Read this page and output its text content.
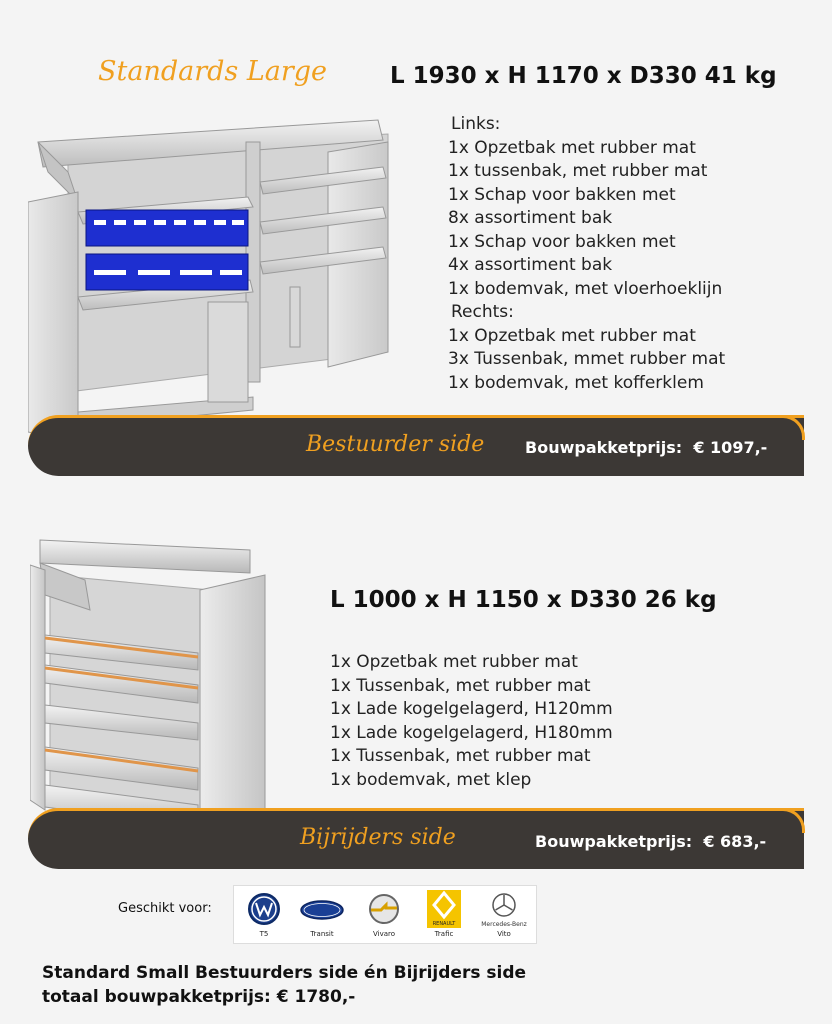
Standards Large	L 1930 x H 1170 x D330 41 kg
Links:
1x Opzetbak met rubber mat
1x tussenbak, met rubber mat
1x Schap voor bakken met
8x assortiment bak
1x Schap voor bakken met
4x assortiment bak
1x bodemvak, met vloerhoeklijn
Rechts:
1x Opzetbak met rubber mat
3x Tussenbak, mmet rubber mat
1x bodemvak, met kofferklem
Bestuurder side	Bouwpakketprijs: € 1097,-
L 1000 x H 1150 x D330 26 kg
1x Opzetbak met rubber mat
1x Tussenbak, met rubber mat
1x Lade kogelgelagerd, H120mm
1x Lade kogelgelagerd, H180mm
1x Tussenbak, met rubber mat
1x bodemvak, met klep
Bijrijders side	Bouwpakketprijs: € 683,-
Geschikt voor:
T5	Transit	Vivaro
RENAULT
Trafic
Mercedes-Benz
Vito
Standard Small Bestuurders side én Bijrijders side
totaal bouwpakketprijs: € 1780,-
